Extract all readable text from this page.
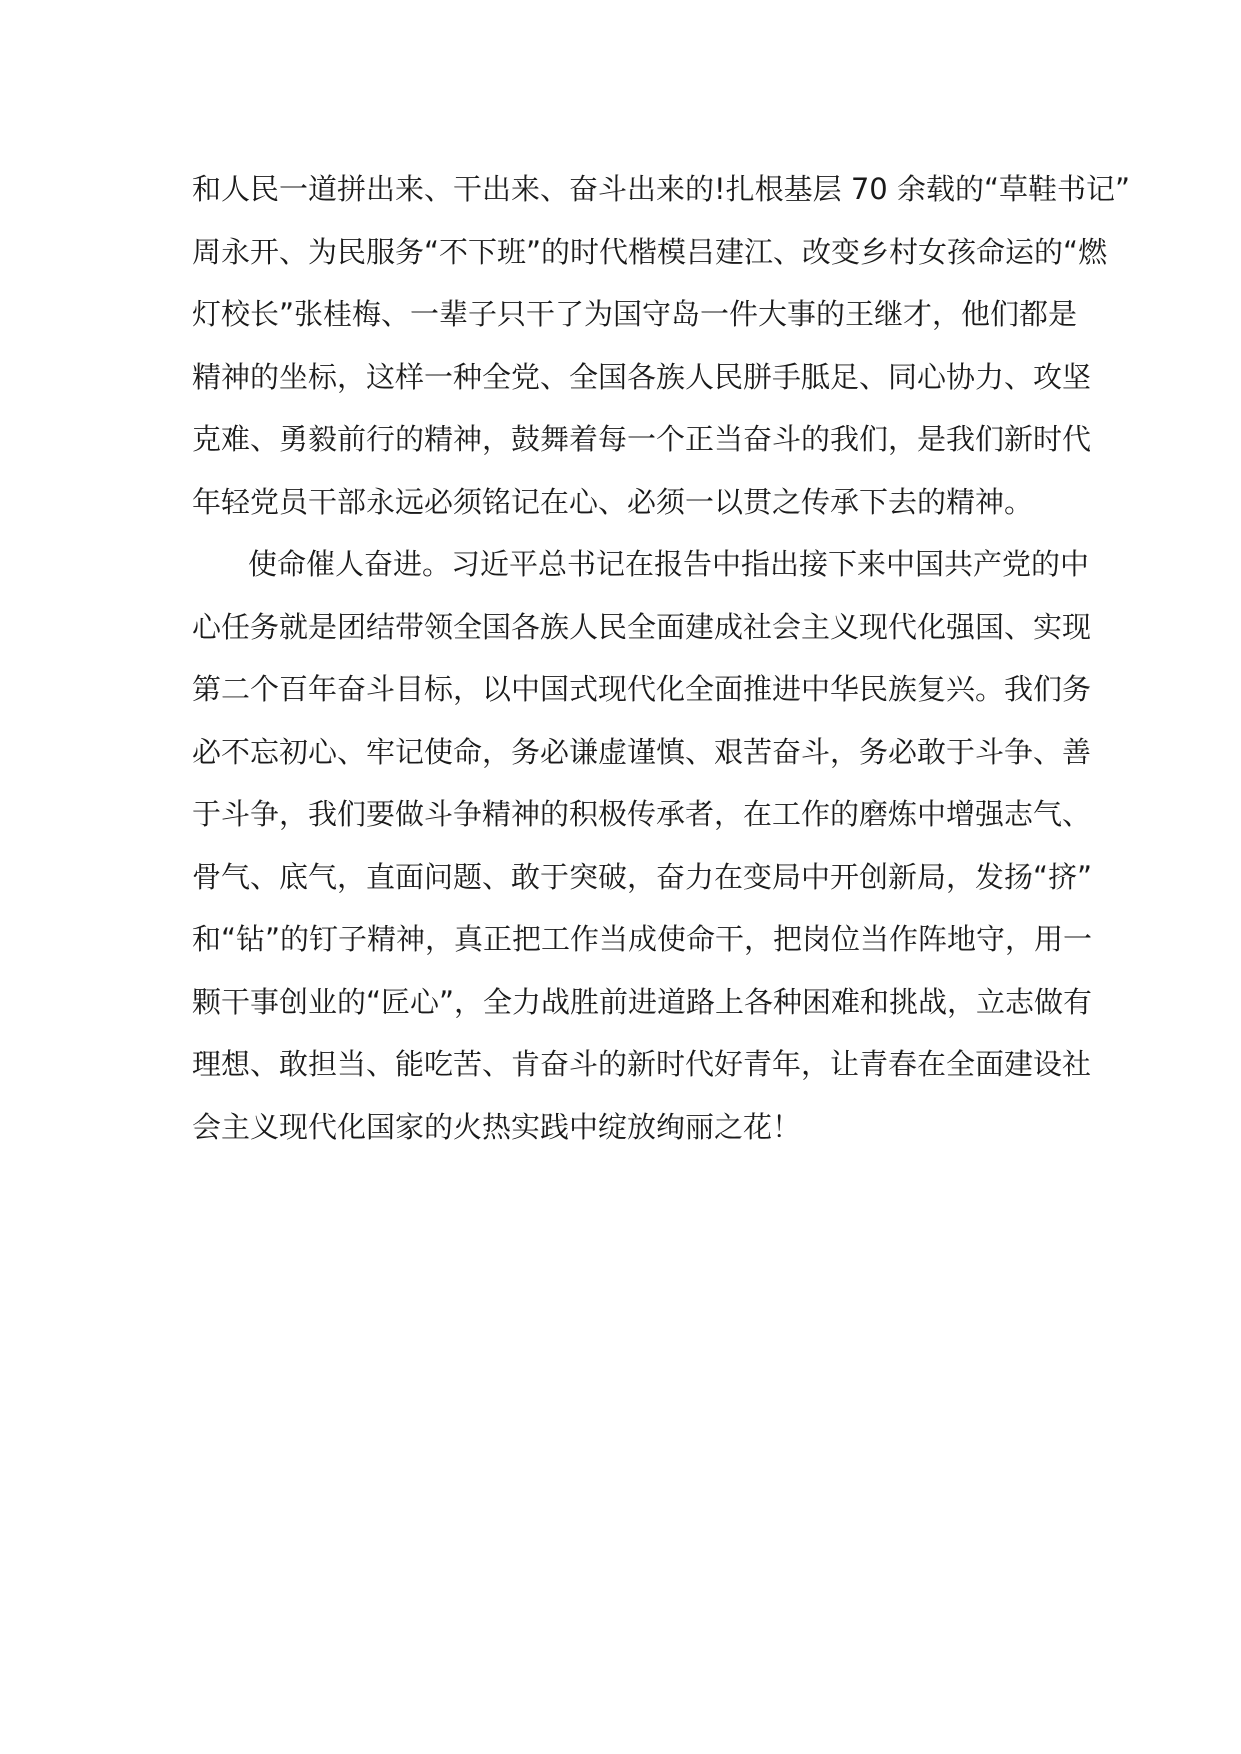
和人民一道拼出来、干出来、奋斗出来的!扎根基层 70 余载的“草鞋书记”
周永开、为民服务“不下班”的时代楷模吕建江、改变乡村女孩命运的“燃
灯校长”张桂梅、一辈子只干了为国守岛一件大事的王继才，他们都是
精神的坐标，这样一种全党、全国各族人民胼手胝足、同心协力、攻坚
克难、勇毅前行的精神，鼓舞着每一个正当奋斗的我们，是我们新时代
年轻党员干部永远必须铭记在心、必须一以贯之传承下去的精神。
使命催人奋进。习近平总书记在报告中指出接下来中国共产党的中
心任务就是团结带领全国各族人民全面建成社会主义现代化强国、实现
第二个百年奋斗目标，以中国式现代化全面推进中华民族复兴。我们务
必不忘初心、牢记使命，务必谦虚谨慎、艰苦奋斗，务必敢于斗争、善
于斗争，我们要做斗争精神的积极传承者，在工作的磨炼中增强志气、
骨气、底气，直面问题、敢于突破，奋力在变局中开创新局，发扬“挤”
和“钻”的钉子精神，真正把工作当成使命干，把岗位当作阵地守，用一
颗干事创业的“匠心”，全力战胜前进道路上各种困难和挑战，立志做有
理想、敢担当、能吃苦、肯奋斗的新时代好青年，让青春在全面建设社
会主义现代化国家的火热实践中绽放绚丽之花！
